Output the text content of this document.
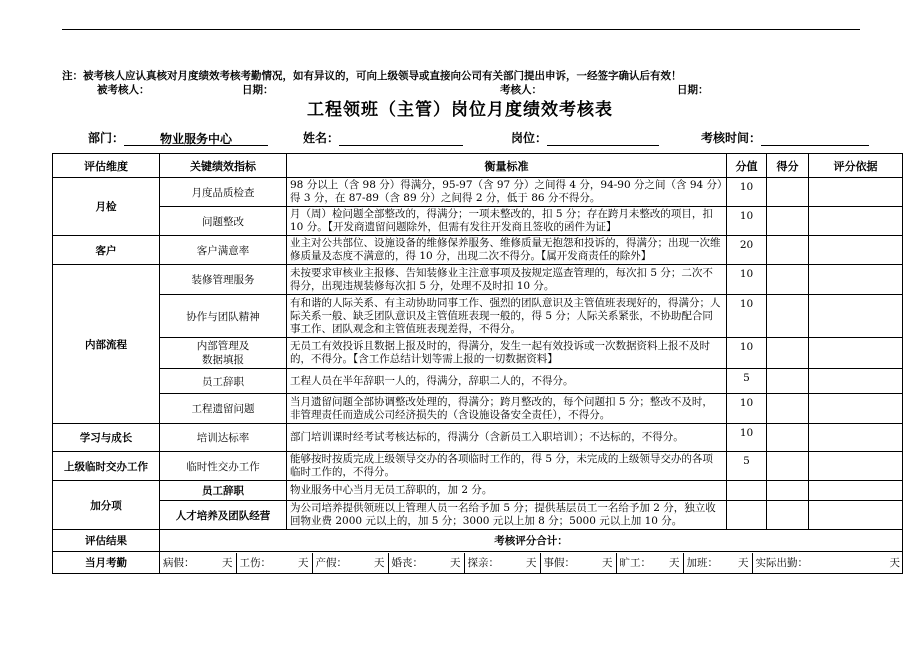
注：被考核人应认真核对月度绩效考核考勤情况，如有异议的，可向上级领导或直接向公司有关部门提出申诉，一经签字确认后有效！
被考核人：	日期：	考核人：	日期：
工程领班（主管）岗位月度绩效考核表
部门：	物业服务中心	姓名：	岗位：	考核时间：
评估维度	关键绩效指标	衡量标准	分值	得分	评分依据
月检	月度品质检查	98 分以上（含 98 分）得满分，95-97（含 97 分）之间得 4 分，94-90 分之间（含 94 分）得 3 分，在 87-89（含 89 分）之间得 2 分，低于 86 分不得分。	10		
问题整改	月（周）检问题全部整改的，得满分；一项未整改的，扣 5 分；存在跨月未整改的项目，扣 10 分。【开发商遗留问题除外，但需有发往开发商且签收的函件为证】	10		
客户	客户满意率	业主对公共部位、设施设备的维修保养服务、维修质量无抱怨和投诉的，得满分；出现一次维修质量及态度不满意的，得 10 分，出现二次不得分。【属开发商责任的除外】	20		
内部流程	装修管理服务	未按要求审核业主报修、告知装修业主注意事项及按规定巡查管理的，每次扣 5 分；二次不得分，出现违规装修每次扣 5 分，处理不及时扣 10 分。	10		
协作与团队精神	有和谐的人际关系、有主动协助同事工作、强烈的团队意识及主管值班表现好的，得满分；人际关系一般、缺乏团队意识及主管值班表现一般的，得 5 分；人际关系紧张，不协助配合同事工作、团队观念和主管值班表现差得，不得分。	10		
内部管理及
数据填报	无员工有效投诉且数据上报及时的，得满分，发生一起有效投诉或一次数据资料上报不及时的，不得分。【含工作总结计划等需上报的一切数据资料】	10		
员工辞职	工程人员在半年辞职一人的，得满分，辞职二人的，不得分。	5		
工程遗留问题	当月遗留问题全部协调整改处理的，得满分；跨月整改的，每个问题扣 5 分；整改不及时，非管理责任而造成公司经济损失的（含设施设备安全责任），不得分。	10		
学习与成长	培训达标率	部门培训课时经考试考核达标的，得满分（含新员工入职培训）；不达标的，不得分。	10		
上级临时交办工作	临时性交办工作	能够按时按质完成上级领导交办的各项临时工作的，得 5 分，未完成的上级领导交办的各项临时工作的，不得分。	5		
加分项	员工辞职	物业服务中心当月无员工辞职的，加 2 分。			
人才培养及团队经营	为公司培养提供领班以上管理人员一名给予加 5 分；提供基层员工一名给予加 2 分，独立收回物业费 2000 元以上的，加 5 分；3000 元以上加 8 分；5000 元以上加 10 分。			
评估结果	考核评分合计：
当月考勤		病假：	天	工伤：	天	产假：	天	婚丧：	天	探亲：	天	事假：	天	旷工： 天	加班： 天	实际出勤：	天
